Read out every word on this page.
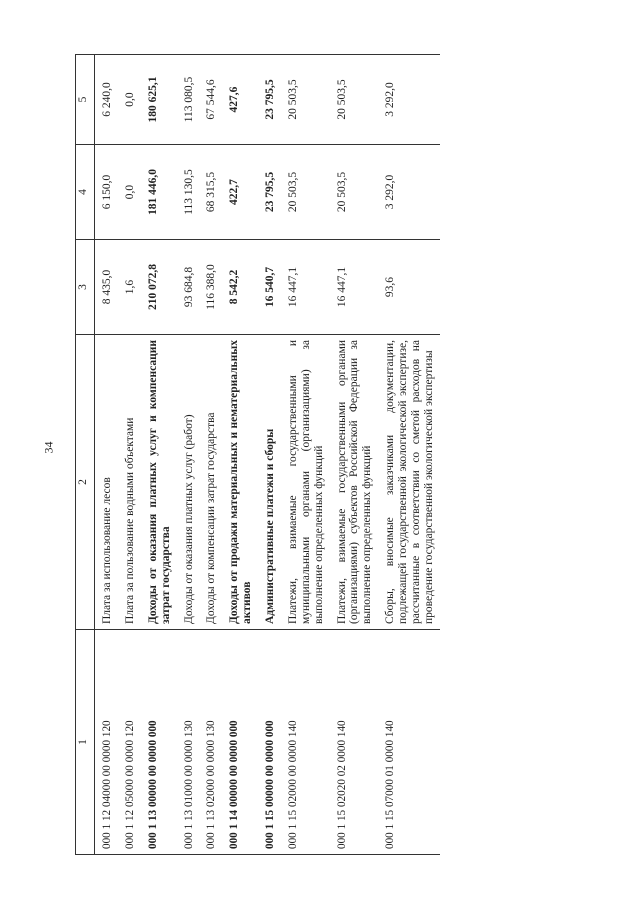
34
1	2	3	4	5
000 1 12 04000 00 0000 120	Плата за использование лесов	8 435,0	6 150,0	6 240,0
000 1 12 05000 00 0000 120	Плата за пользование водными объектами	1,6	0,0	0,0
000 1 13 00000 00 0000 000	Доходы от оказания платных услуг и компенсации затрат государства	210 072,8	181 446,0	180 625,1
000 1 13 01000 00 0000 130	Доходы от оказания платных услуг (работ)	93 684,8	113 130,5	113 080,5
000 1 13 02000 00 0000 130	Доходы от компенсации затрат государства	116 388,0	68 315,5	67 544,6
000 1 14 00000 00 0000 000	Доходы от продажи материальных и нематериальных активов	8 542,2	422,7	427,6
000 1 15 00000 00 0000 000	Административные платежи и сборы	16 540,7	23 795,5	23 795,5
000 1 15 02000 00 0000 140	Платежи, взимаемые государственными и муниципальными органами (организациями) за выполнение определенных функций	16 447,1	20 503,5	20 503,5
000 1 15 02020 02 0000 140	Платежи, взимаемые государственными органами (организациями) субъектов Российской Федерации за выполнение определенных функций	16 447,1	20 503,5	20 503,5
000 1 15 07000 01 0000 140	Сборы, вносимые заказчиками документации, подлежащей государственной экологической экспертизе, рассчитанные в соответствии со сметой расходов на проведение государственной экологической экспертизы	93,6	3 292,0	3 292,0
